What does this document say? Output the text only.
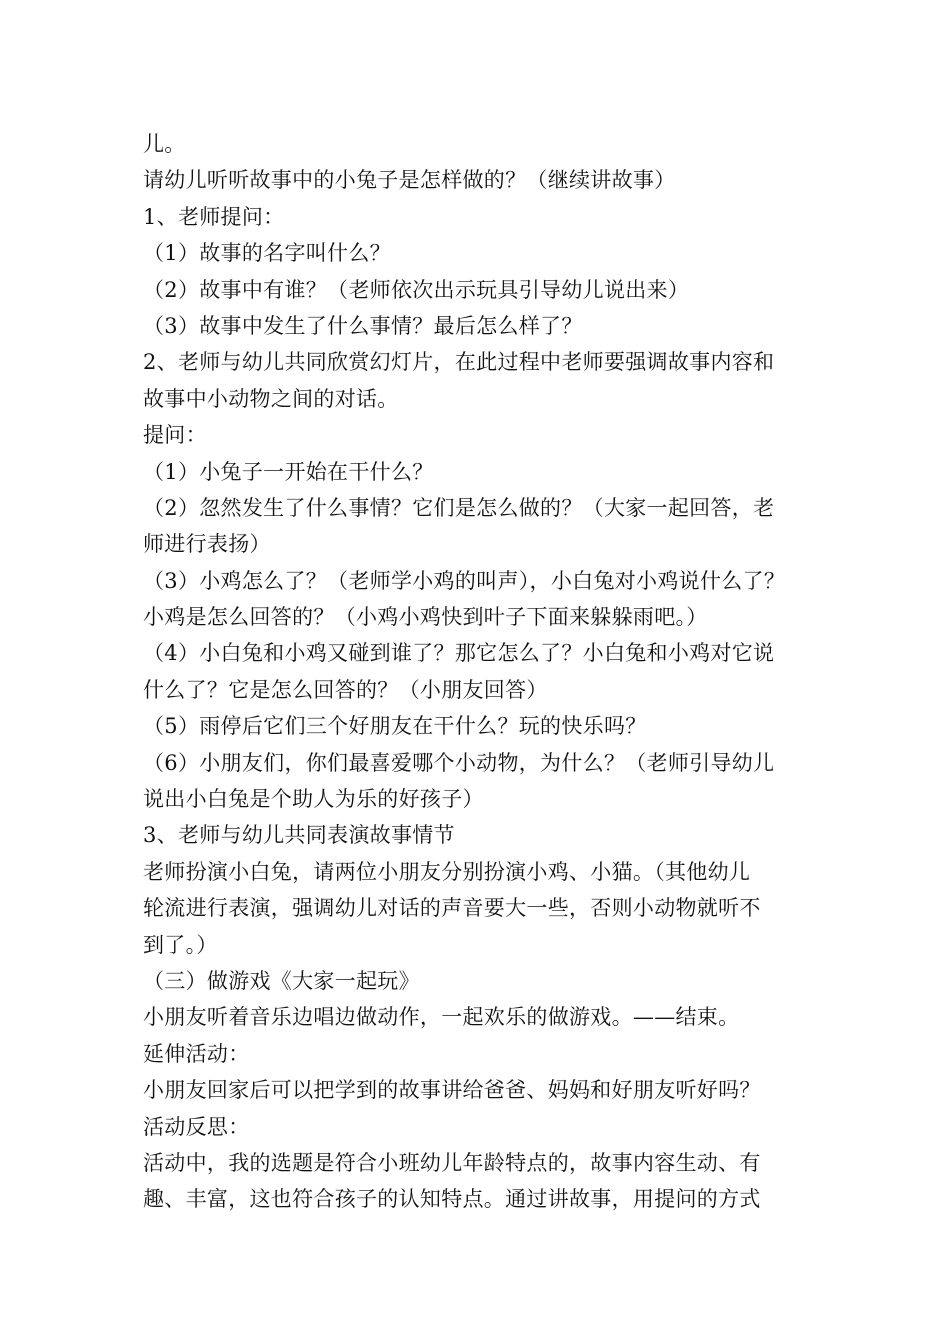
儿。
请幼儿听听故事中的小兔子是怎样做的？（继续讲故事）
1、老师提问：
（1）故事的名字叫什么？
（2）故事中有谁？（老师依次出示玩具引导幼儿说出来）
（3）故事中发生了什么事情？最后怎么样了？
2、老师与幼儿共同欣赏幻灯片，在此过程中老师要强调故事内容和
故事中小动物之间的对话。
提问：
（1）小兔子一开始在干什么？
（2）忽然发生了什么事情？它们是怎么做的？（大家一起回答，老
师进行表扬）
（3）小鸡怎么了？（老师学小鸡的叫声），小白兔对小鸡说什么了？
小鸡是怎么回答的？（小鸡小鸡快到叶子下面来躲躲雨吧。）
（4）小白兔和小鸡又碰到谁了？那它怎么了？小白兔和小鸡对它说
什么了？它是怎么回答的？（小朋友回答）
（5）雨停后它们三个好朋友在干什么？玩的快乐吗？
（6）小朋友们，你们最喜爱哪个小动物，为什么？（老师引导幼儿
说出小白兔是个助人为乐的好孩子）
3、老师与幼儿共同表演故事情节
老师扮演小白兔，请两位小朋友分别扮演小鸡、小猫。（其他幼儿
轮流进行表演，强调幼儿对话的声音要大一些，否则小动物就听不
到了。）
（三）做游戏《大家一起玩》
小朋友听着音乐边唱边做动作，一起欢乐的做游戏。——结束。
延伸活动：
小朋友回家后可以把学到的故事讲给爸爸、妈妈和好朋友听好吗？
活动反思：
活动中，我的选题是符合小班幼儿年龄特点的，故事内容生动、有
趣、丰富，这也符合孩子的认知特点。通过讲故事，用提问的方式
